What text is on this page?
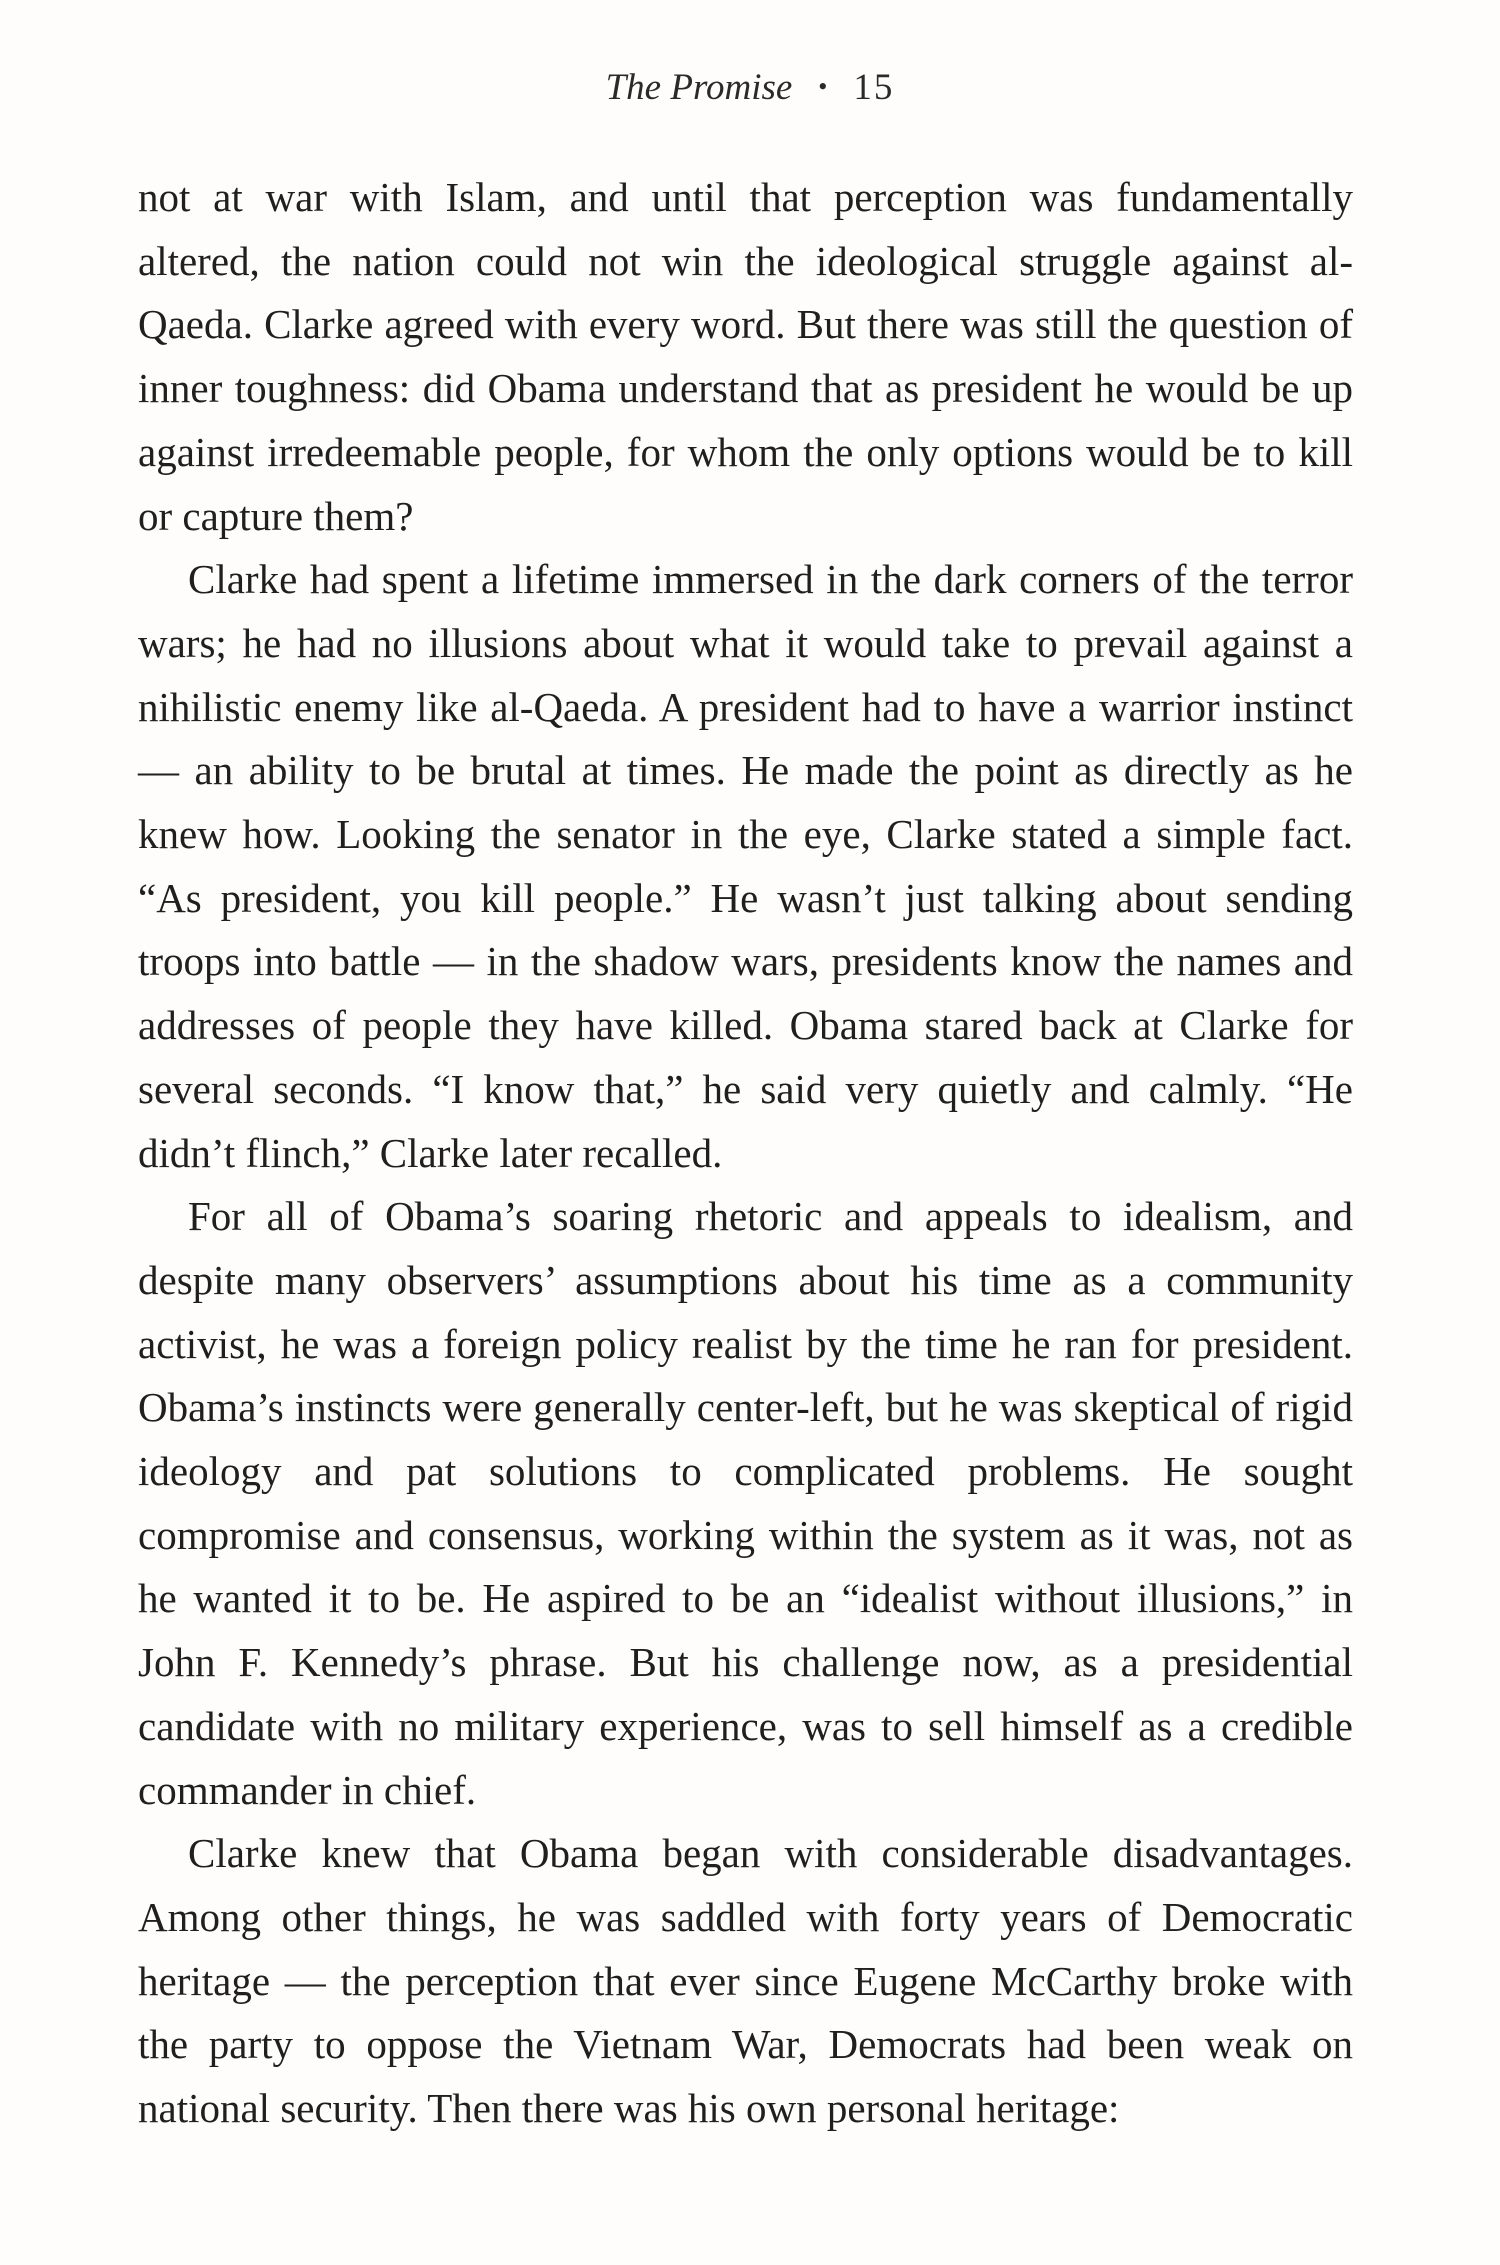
The Promise • 15

not at war with Islam, and until that perception was fundamentally altered, the nation could not win the ideological struggle against al-Qaeda. Clarke agreed with every word. But there was still the question of inner toughness: did Obama understand that as president he would be up against irredeemable people, for whom the only options would be to kill or capture them?

Clarke had spent a lifetime immersed in the dark corners of the terror wars; he had no illusions about what it would take to prevail against a nihilistic enemy like al-Qaeda. A president had to have a warrior instinct — an ability to be brutal at times. He made the point as directly as he knew how. Looking the senator in the eye, Clarke stated a simple fact. “As president, you kill people.” He wasn’t just talking about sending troops into battle — in the shadow wars, presidents know the names and addresses of people they have killed. Obama stared back at Clarke for several seconds. “I know that,” he said very quietly and calmly. “He didn’t flinch,” Clarke later recalled.

For all of Obama’s soaring rhetoric and appeals to idealism, and despite many observers’ assumptions about his time as a community activist, he was a foreign policy realist by the time he ran for president. Obama’s instincts were generally center-left, but he was skeptical of rigid ideology and pat solutions to complicated problems. He sought compromise and consensus, working within the system as it was, not as he wanted it to be. He aspired to be an “idealist without illusions,” in John F. Kennedy’s phrase. But his challenge now, as a presidential candidate with no military experience, was to sell himself as a credible commander in chief.

Clarke knew that Obama began with considerable disadvantages. Among other things, he was saddled with forty years of Democratic heritage — the perception that ever since Eugene McCarthy broke with the party to oppose the Vietnam War, Democrats had been weak on national security. Then there was his own personal heritage:
